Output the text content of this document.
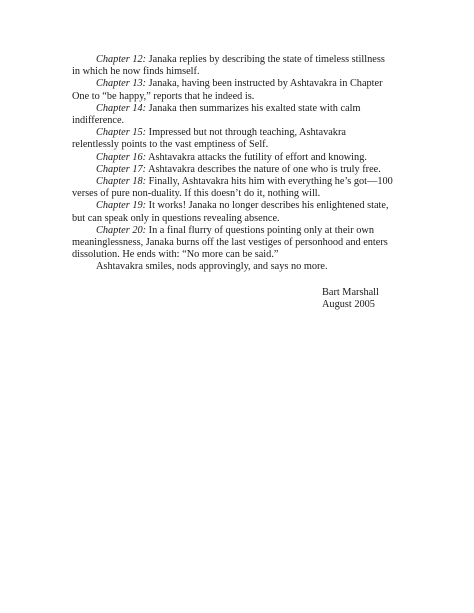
Chapter 12: Janaka replies by describing the state of timeless stillness in which he now finds himself.

Chapter 13: Janaka, having been instructed by Ashtavakra in Chapter One to “be happy,” reports that he indeed is.

Chapter 14: Janaka then summarizes his exalted state with calm indifference.

Chapter 15: Impressed but not through teaching, Ashtavakra relentlessly points to the vast emptiness of Self.

Chapter 16: Ashtavakra attacks the futility of effort and knowing.

Chapter 17: Ashtavakra describes the nature of one who is truly free.

Chapter 18: Finally, Ashtavakra hits him with everything he’s got—100 verses of pure non-duality. If this doesn’t do it, nothing will.

Chapter 19: It works! Janaka no longer describes his enlightened state, but can speak only in questions revealing absence.

Chapter 20: In a final flurry of questions pointing only at their own meaninglessness, Janaka burns off the last vestiges of personhood and enters dissolution. He ends with: “No more can be said.”

Ashtavakra smiles, nods approvingly, and says no more.

Bart Marshall
August 2005
